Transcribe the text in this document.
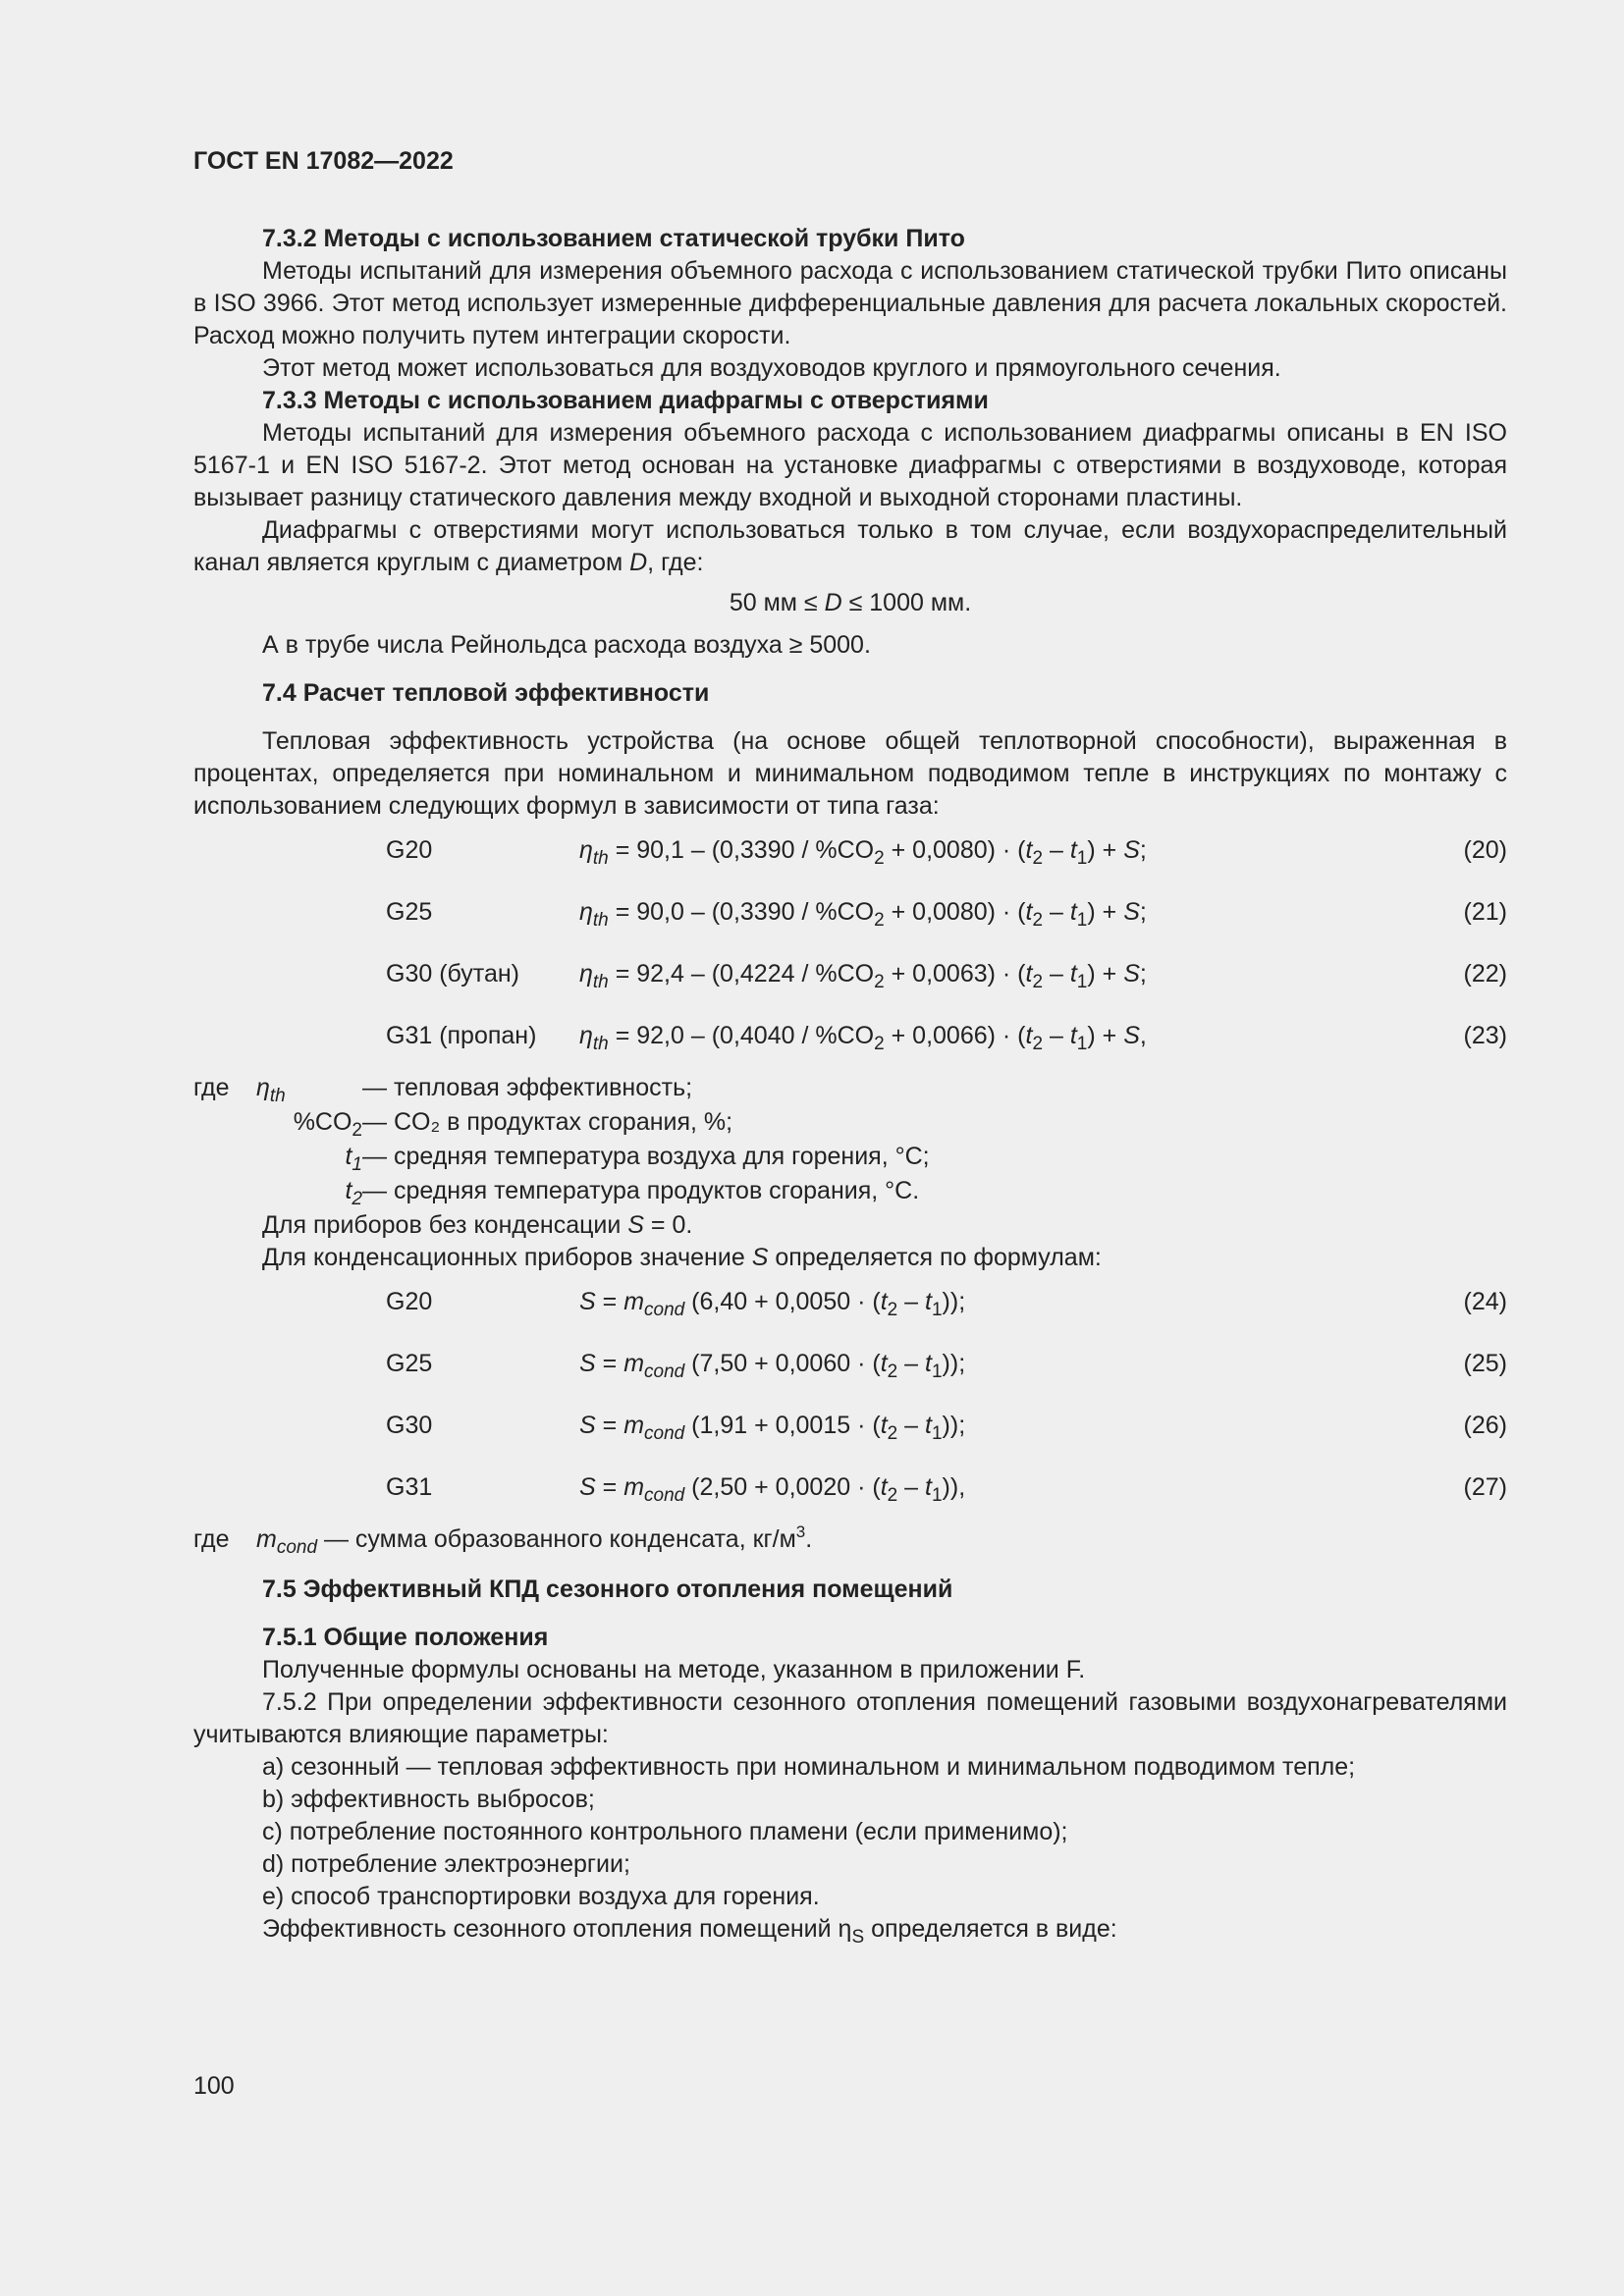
ГОСТ EN 17082—2022

7.3.2 Методы с использованием статической трубки Пито

Методы испытаний для измерения объемного расхода с использованием статической трубки Пито описаны в ISO 3966. Этот метод использует измеренные дифференциальные давления для расчета локальных скоростей. Расход можно получить путем интеграции скорости.

Этот метод может использоваться для воздуховодов круглого и прямоугольного сечения.

7.3.3 Методы с использованием диафрагмы с отверстиями

Методы испытаний для измерения объемного расхода с использованием диафрагмы описаны в EN ISO 5167-1 и EN ISO 5167-2. Этот метод основан на установке диафрагмы с отверстиями в воздуховоде, которая вызывает разницу статического давления между входной и выходной сторонами пластины.

Диафрагмы с отверстиями могут использоваться только в том случае, если воздухораспределительный канал является круглым с диаметром D, где:

50 мм ≤ D ≤ 1000 мм.

А в трубе числа Рейнольдса расхода воздуха ≥ 5000.

7.4 Расчет тепловой эффективности

Тепловая эффективность устройства (на основе общей теплотворной способности), выраженная в процентах, определяется при номинальном и минимальном подводимом тепле в инструкциях по монтажу с использованием следующих формул в зависимости от типа газа:

G20	$\eta_{th} = 90,1 - (0,3390 / \%CO_2 + 0,0080) \cdot (t_2 - t_1) + S$;	(20)
G25	$\eta_{th} = 90,0 - (0,3390 / \%CO_2 + 0,0080) \cdot (t_2 - t_1) + S$;	(21)
G30 (бутан) $\eta_{th} = 92,4 - (0,4224 / \%CO_2 + 0,0063) \cdot (t_2 - t_1) + S$;	(22)
G31 (пропан) $\eta_{th} = 92,0 - (0,4040 / \%CO_2 + 0,0066) \cdot (t_2 - t_1) + S$,	(23)
где $\eta_{th}$	— тепловая эффективность;
$\%CO_2$ — CO₂ в продуктах сгорания, %;
$t_1$ — средняя температура воздуха для горения, °C;
$t_2$ — средняя температура продуктов сгорания, °C.

Для приборов без конденсации S = 0.

Для конденсационных приборов значение S определяется по формулам:

G20	$S = m_{cond}$ $(6,40 + 0,0050 \cdot (t_2 - t_1))$;	(24)
G25	$S = m_{cond}$ $(7,50 + 0,0060 \cdot (t_2 - t_1))$;	(25)
G30	$S = m_{cond}$ $(1,91 + 0,0015 \cdot (t_2 - t_1))$;	(26)
G31	$S = m_{cond}$ $(2,50 + 0,0020 \cdot (t_2 - t_1))$,	(27)
где $m_{cond}$ — сумма образованного конденсата, $кг/м^3$.

7.5 Эффективный КПД сезонного отопления помещений

7.5.1 Общие положения

Полученные формулы основаны на методе, указанном в приложении F.

7.5.2 При определении эффективности сезонного отопления помещений газовыми воздухонагревателями учитываются влияющие параметры:

a) сезонный — тепловая эффективность при номинальном и минимальном подводимом тепле;
b) эффективность выбросов;
c) потребление постоянного контрольного пламени (если применимо);
d) потребление электроэнергии;
e) способ транспортировки воздуха для горения.

Эффективность сезонного отопления помещений $\eta_S$ определяется в виде:

100
